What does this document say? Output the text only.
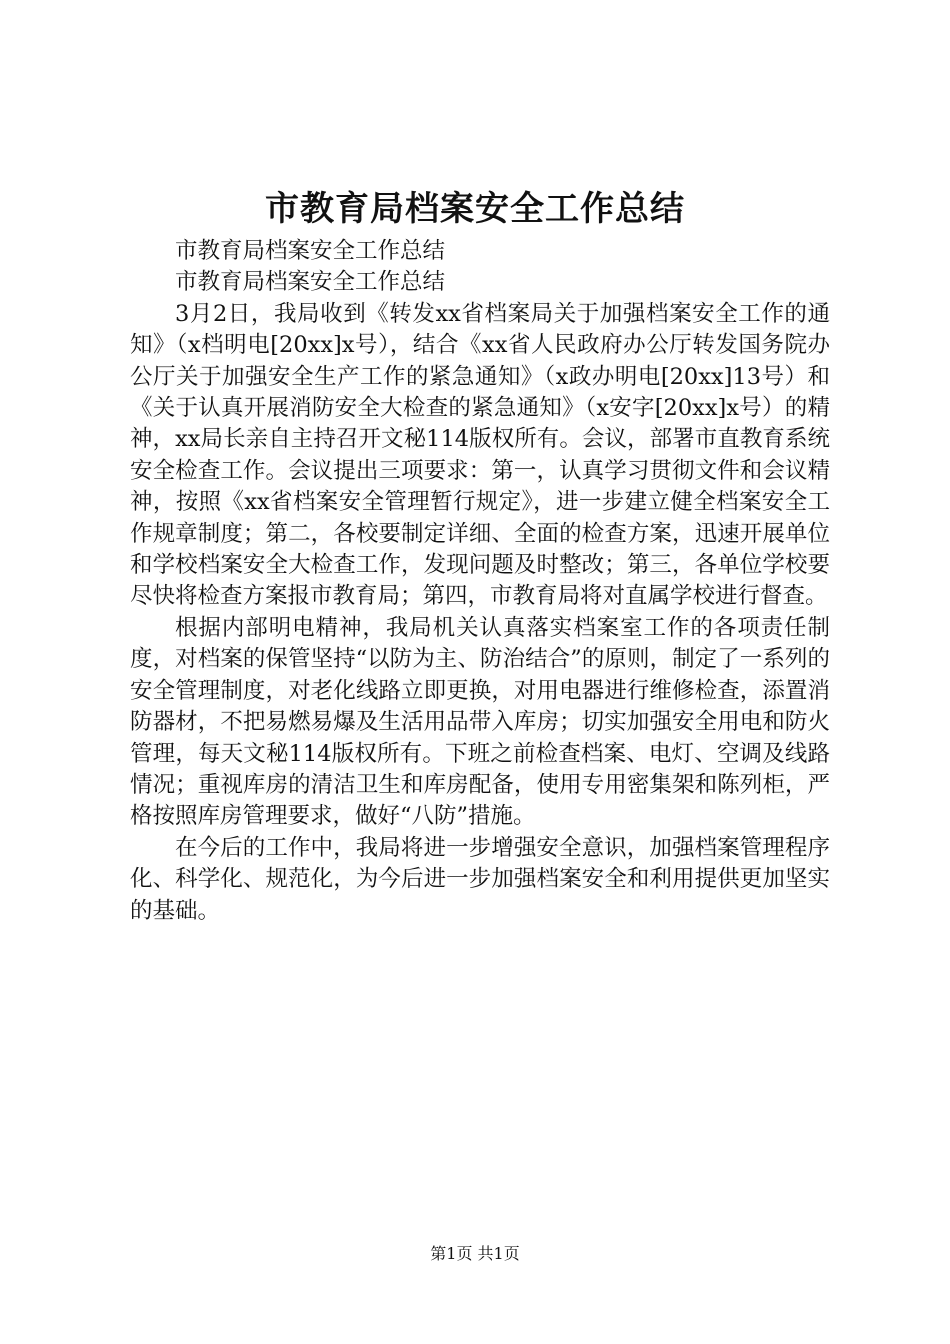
市教育局档案安全工作总结

市教育局档案安全工作总结

市教育局档案安全工作总结

3月2日，我局收到《转发xx省档案局关于加强档案安全工作的通知》（x档明电[20xx]x号），结合《xx省人民政府办公厅转发国务院办公厅关于加强安全生产工作的紧急通知》（x政办明电[20xx]13号）和《关于认真开展消防安全大检查的紧急通知》（x安字[20xx]x号）的精神，xx局长亲自主持召开文秘114版权所有。会议，部署市直教育系统安全检查工作。会议提出三项要求：第一，认真学习贯彻文件和会议精神，按照《xx省档案安全管理暂行规定》，进一步建立健全档案安全工作规章制度；第二，各校要制定详细、全面的检查方案，迅速开展单位和学校档案安全大检查工作，发现问题及时整改；第三，各单位学校要尽快将检查方案报市教育局；第四，市教育局将对直属学校进行督查。

根据内部明电精神，我局机关认真落实档案室工作的各项责任制度，对档案的保管坚持“以防为主、防治结合”的原则，制定了一系列的安全管理制度，对老化线路立即更换，对用电器进行维修检查，添置消防器材，不把易燃易爆及生活用品带入库房；切实加强安全用电和防火管理，每天文秘114版权所有。下班之前检查档案、电灯、空调及线路情况；重视库房的清洁卫生和库房配备，使用专用密集架和陈列柜，严格按照库房管理要求，做好“八防”措施。

在今后的工作中，我局将进一步增强安全意识，加强档案管理程序化、科学化、规范化，为今后进一步加强档案安全和利用提供更加坚实的基础。

第1页 共1页
